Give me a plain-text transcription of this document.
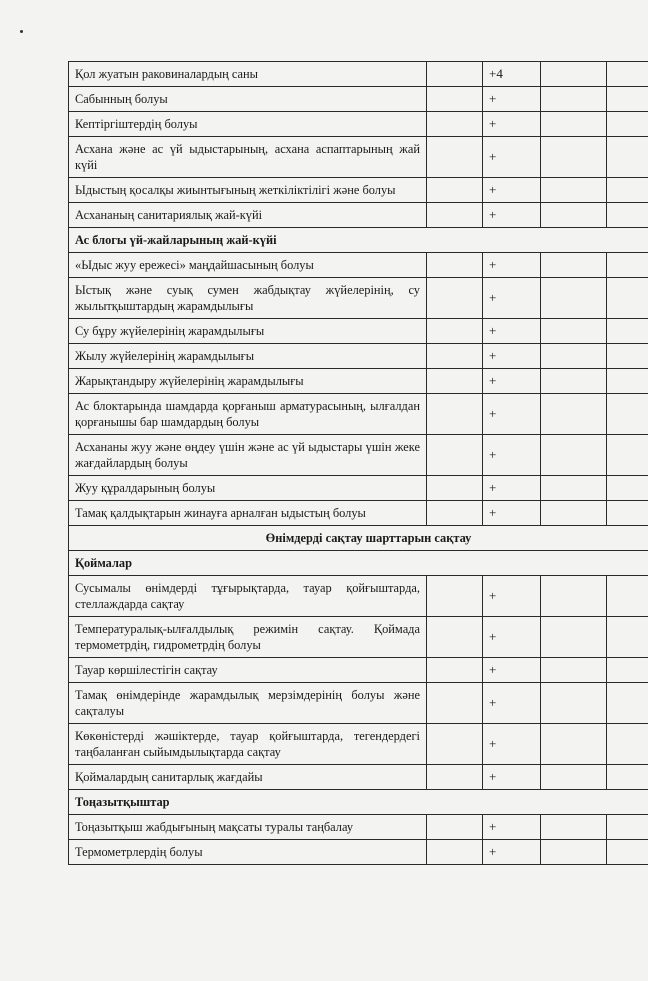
Қол жуатын раковиналардың саны		+4		
Сабынның болуы		+		
Кептіргіштердің болуы		+		
Асхана және ас үй ыдыстарының, асхана аспаптарының жай күйі		+		
Ыдыстың қосалқы жиынтығының жеткіліктілігі және болуы		+		
Асхананың санитариялық жай-күйі		+		
Ас блогы үй-жайларының жай-күйі				
«Ыдыс жуу ережесі» маңдайшасының болуы		+		
Ыстық және суық сумен жабдықтау жүйелерінің, су жылытқыштардың жарамдылығы		+		
Су бұру жүйелерінің жарамдылығы		+		
Жылу жүйелерінің жарамдылығы		+		
Жарықтандыру жүйелерінің жарамдылығы		+		
Ас блоктарында шамдарда қорғаныш арматурасының, ылғалдан қорғанышы бар шамдардың болуы		+		
Асхананы жуу және өңдеу үшін және ас үй ыдыстары үшін жеке жағдайлардың болуы		+		
Жуу құралдарының болуы		+		
Тамақ қалдықтарын жинауға арналған ыдыстың болуы		+		
Өнімдерді сақтау шарттарын сақтау				
Қоймалар				
Сусымалы өнімдерді тұғырықтарда, тауар қойғыштарда, стеллаждарда сақтау		+		
Температуралық-ылғалдылық режимін сақтау. Қоймада термометрдің, гидрометрдің болуы		+		
Тауар көршілестігін сақтау		+		
Тамақ өнімдерінде жарамдылық мерзімдерінің болуы және сақталуы		+		
Көкөністерді жәшіктерде, тауар қойғыштарда, тегендердегі таңбаланған сыйымдылықтарда сақтау		+		
Қоймалардың санитарлық жағдайы		+		
Тоңазытқыштар				
Тоңазытқыш жабдығының мақсаты туралы таңбалау		+		
Термометрлердің болуы		+		
